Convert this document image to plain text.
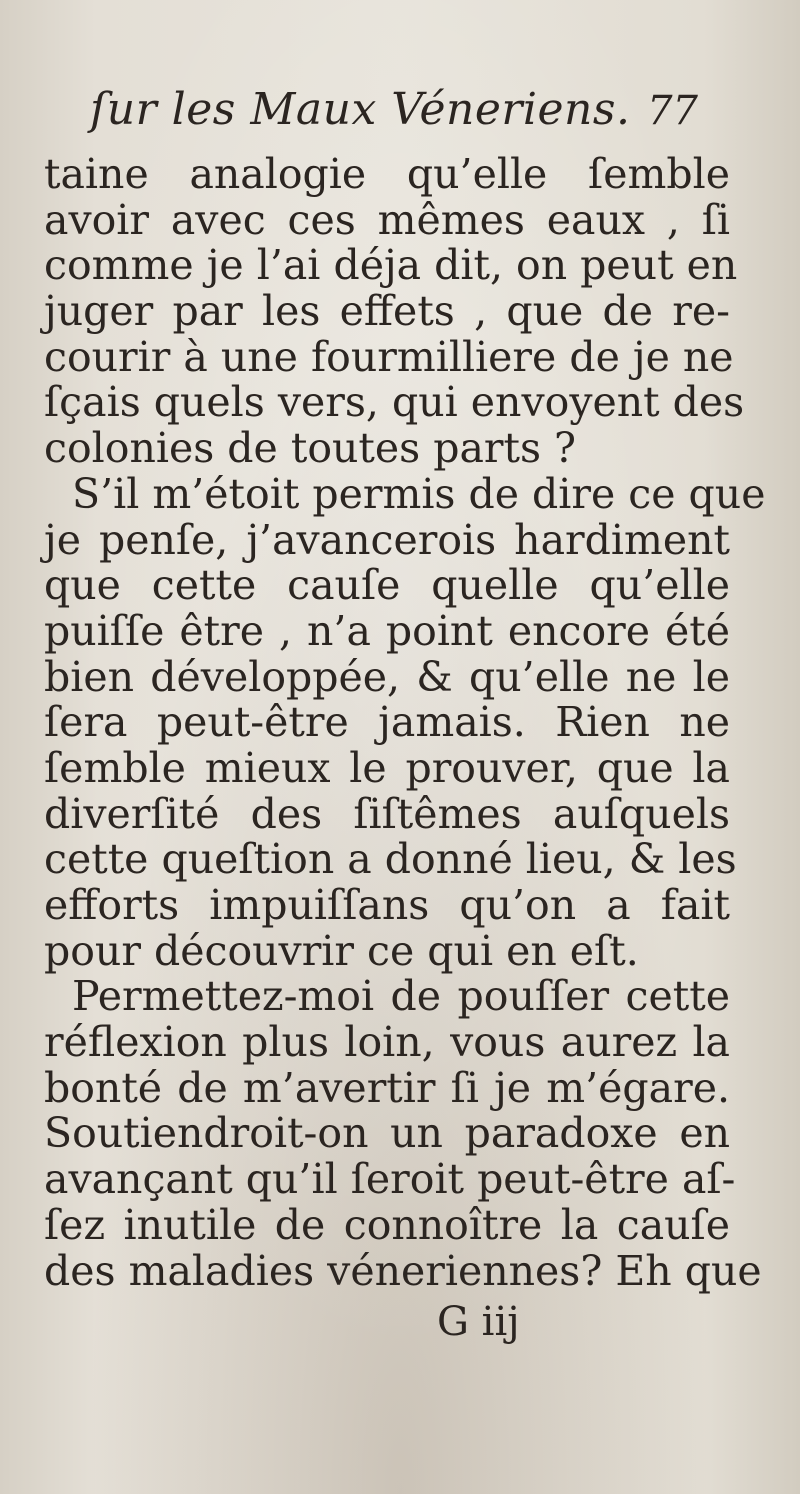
ſur les Maux Véneriens. 77
taine analogie qu’elle ſemble
avoir avec ces mêmes eaux , ſi
comme je l’ai déja dit, on peut en
juger par les effets , que de re-
courir à une fourmilliere de je ne
ſçais quels vers, qui envoyent des
colonies de toutes parts ?
S’il m’étoit permis de dire ce que
je penſe, j’avancerois hardiment
que cette cauſe quelle qu’elle
puiſſe être , n’a point encore été
bien développée, & qu’elle ne le
ſera peut-être jamais. Rien ne
ſemble mieux le prouver, que la
diverſité des ſiſtêmes auſquels
cette queſtion a donné lieu, & les
efforts impuiſſans qu’on a fait
pour découvrir ce qui en eſt.
Permettez-moi de pouſſer cette
réflexion plus loin, vous aurez la
bonté de m’avertir ſi je m’égare.
Soutiendroit-on un paradoxe en
avançant qu’il ſeroit peut-être aſ-
ſez inutile de connoître la cauſe
des maladies véneriennes? Eh que
G iij
